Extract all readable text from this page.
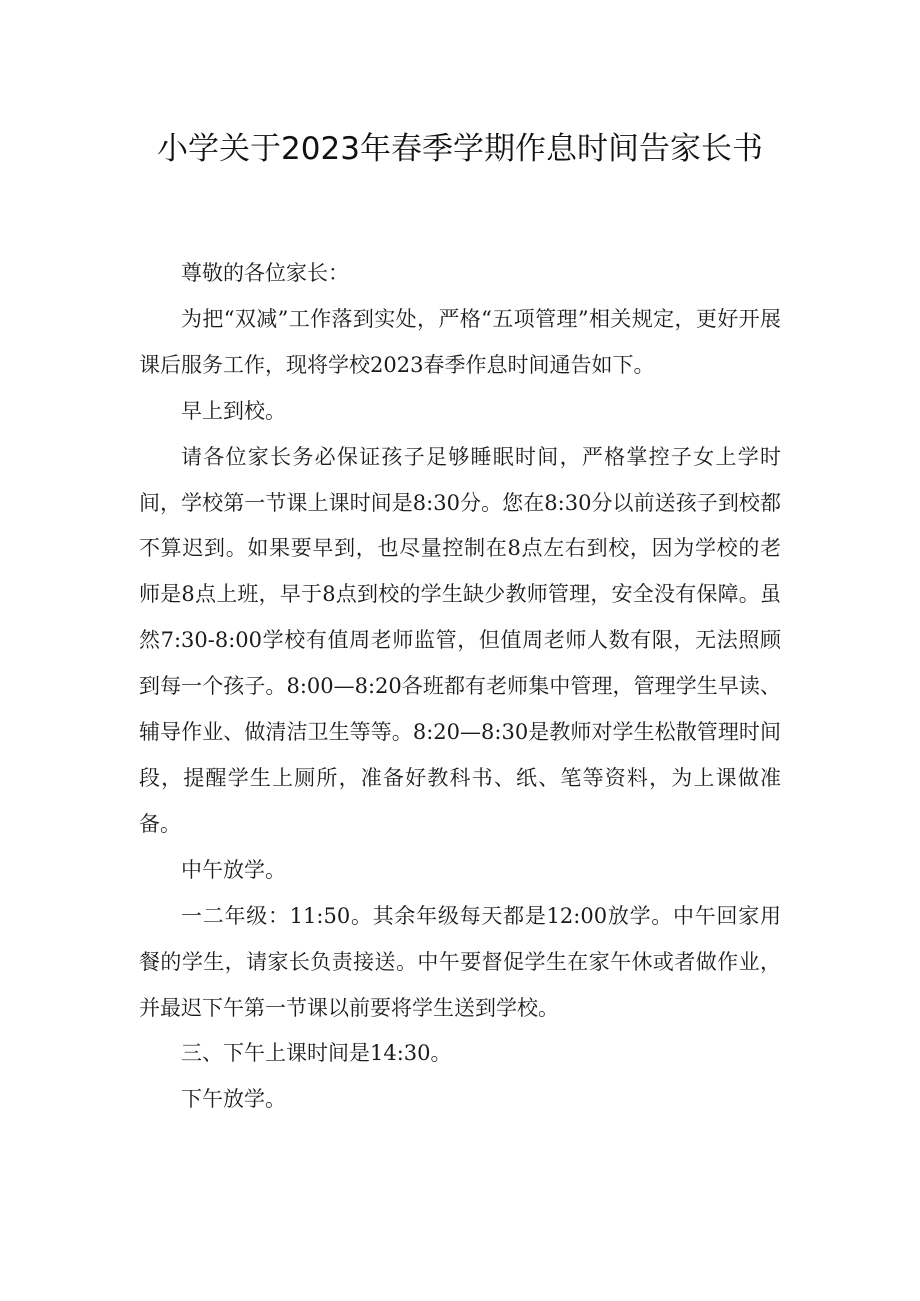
小学关于2023年春季学期作息时间告家长书

尊敬的各位家长：

为把“双减”工作落到实处，严格“五项管理”相关规定，更好开展课后服务工作，现将学校2023春季作息时间通告如下。

早上到校。

请各位家长务必保证孩子足够睡眠时间，严格掌控子女上学时间，学校第一节课上课时间是8:30分。您在8:30分以前送孩子到校都不算迟到。如果要早到，也尽量控制在8点左右到校，因为学校的老师是8点上班，早于8点到校的学生缺少教师管理，安全没有保障。虽然7:30-8:00学校有值周老师监管，但值周老师人数有限，无法照顾到每一个孩子。8:00—8:20各班都有老师集中管理，管理学生早读、辅导作业、做清洁卫生等等。8:20—8:30是教师对学生松散管理时间段，提醒学生上厕所，准备好教科书、纸、笔等资料，为上课做准备。

中午放学。

一二年级：11:50。其余年级每天都是12:00放学。中午回家用餐的学生，请家长负责接送。中午要督促学生在家午休或者做作业，并最迟下午第一节课以前要将学生送到学校。

三、下午上课时间是14:30。

下午放学。
